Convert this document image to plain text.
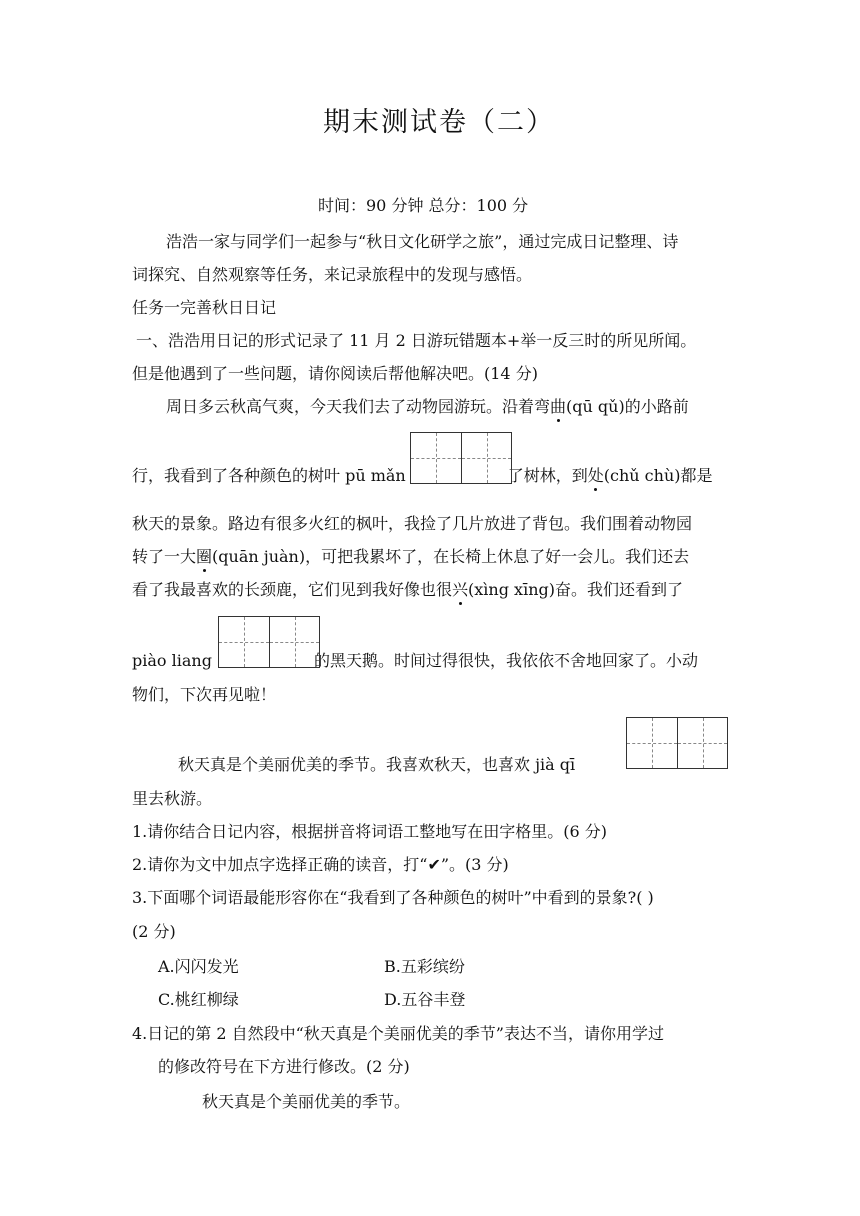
期末测试卷（二）
时间：90 分钟 总分：100 分
浩浩一家与同学们一起参与“秋日文化研学之旅”，通过完成日记整理、诗
词探究、自然观察等任务，来记录旅程中的发现与感悟。
任务一完善秋日日记
一、浩浩用日记的形式记录了 11 月 2 日游玩错题本+举一反三时的所见所闻。
但是他遇到了一些问题，请你阅读后帮他解决吧。(14 分)
周日多云秋高气爽，今天我们去了动物园游玩。沿着弯曲(qū qǔ)的小路前
行，我看到了各种颜色的树叶 pū mǎn	了树林，到处(chǔ chù)都是
秋天的景象。路边有很多火红的枫叶，我捡了几片放进了背包。我们围着动物园
转了一大圈(quān juàn)，可把我累坏了，在长椅上休息了好一会儿。我们还去
看了我最喜欢的长颈鹿，它们见到我好像也很兴(xìng xīng)奋。我们还看到了
piào liang	的黑天鹅。时间过得很快，我依依不舍地回家了。小动
物们，下次再见啦！
秋天真是个美丽优美的季节。我喜欢秋天，也喜欢 jià qī
里去秋游。
1.请你结合日记内容，根据拼音将词语工整地写在田字格里。(6 分)
2.请你为文中加点字选择正确的读音，打“✔”。(3 分)
3.下面哪个词语最能形容你在“我看到了各种颜色的树叶”中看到的景象?( )
(2 分)
A.闪闪发光	B.五彩缤纷
C.桃红柳绿	D.五谷丰登
4.日记的第 2 自然段中“秋天真是个美丽优美的季节”表达不当，请你用学过
的修改符号在下方进行修改。(2 分)
秋天真是个美丽优美的季节。
